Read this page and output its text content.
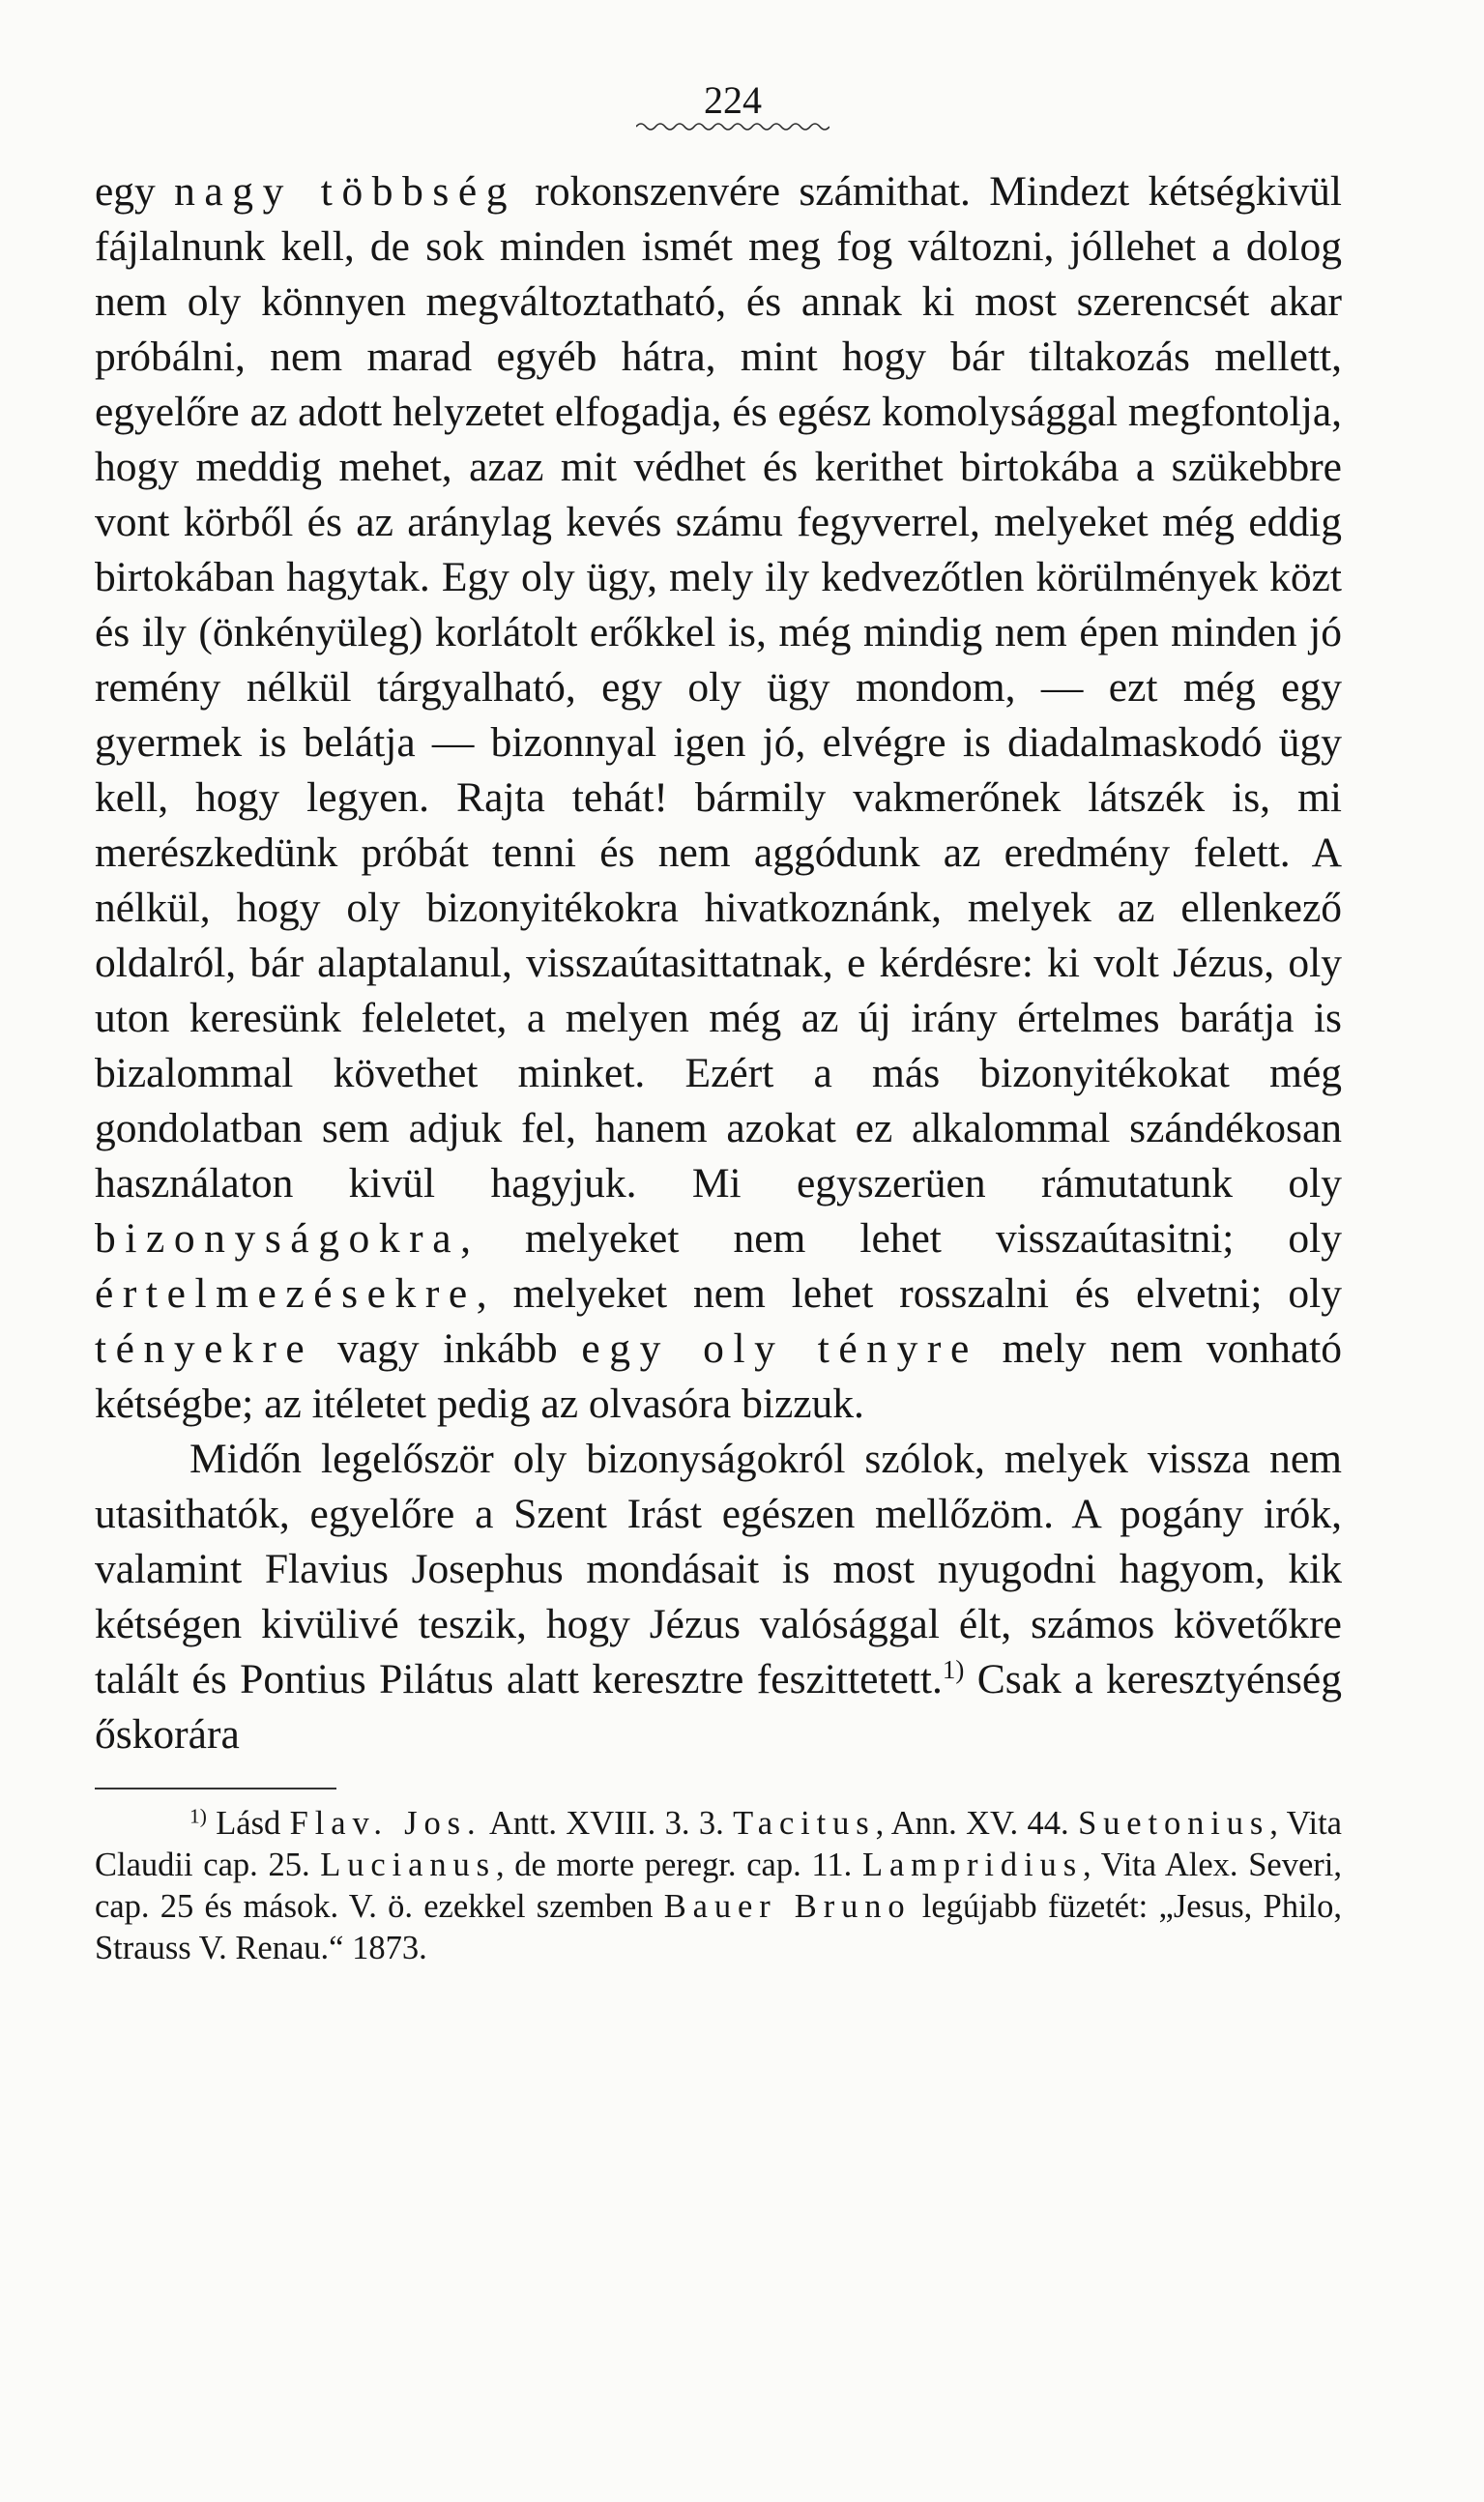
224

egy nagy többség rokonszenvére számithat. Mindezt kétségkivül fájlalnunk kell, de sok minden ismét meg fog változni, jóllehet a dolog nem oly könnyen megváltoztatható, és annak ki most szerencsét akar próbálni, nem marad egyéb hátra, mint hogy bár tiltakozás mellett, egyelőre az adott helyzetet elfogadja, és egész komolysággal megfontolja, hogy meddig mehet, azaz mit védhet és kerithet birtokába a szükebbre vont körből és az aránylag kevés számu fegyverrel, melyeket még eddig birtokában hagytak. Egy oly ügy, mely ily kedvezőtlen körülmények közt és ily (önkényüleg) korlátolt erőkkel is, még mindig nem épen minden jó remény nélkül tárgyalható, egy oly ügy mondom, — ezt még egy gyermek is belátja — bizonnyal igen jó, elvégre is diadalmaskodó ügy kell, hogy legyen. Rajta tehát! bármily vakmerőnek látszék is, mi merészkedünk próbát tenni és nem aggódunk az eredmény felett. A nélkül, hogy oly bizonyitékokra hivatkoznánk, melyek az ellenkező oldalról, bár alaptalanul, visszaútasittatnak, e kérdésre: ki volt Jézus, oly uton keresünk feleletet, a melyen még az új irány értelmes barátja is bizalommal követhet minket. Ezért a más bizonyitékokat még gondolatban sem adjuk fel, hanem azokat ez alkalommal szándékosan használaton kivül hagyjuk. Mi egyszerüen rámutatunk oly bizonyságokra, melyeket nem lehet visszaútasitni; oly értelmezésekre, melyeket nem lehet rosszalni és elvetni; oly tényekre vagy inkább egy oly tényre mely nem vonható kétségbe; az itéletet pedig az olvasóra bizzuk.

Midőn legelőször oly bizonyságokról szólok, melyek vissza nem utasithatók, egyelőre a Szent Irást egészen mellőzöm. A pogány irók, valamint Flavius Josephus mondásait is most nyugodni hagyom, kik kétségen kivülivé teszik, hogy Jézus valósággal élt, számos követőkre talált és Pontius Pilátus alatt keresztre feszittetett.$^{1)}$ Csak a keresztyénség őskorára

$^{1)}$ Lásd Flav. Jos. Antt. XVIII. 3. 3. Tacitus, Ann. XV. 44. Suetonius, Vita Claudii cap. 25. Lucianus, de morte peregr. cap. 11. Lampridius, Vita Alex. Severi, cap. 25 és mások. V. ö. ezekkel szemben Bauer Bruno legújabb füzetét: „Jesus, Philo, Strauss V. Renau.“ 1873.
